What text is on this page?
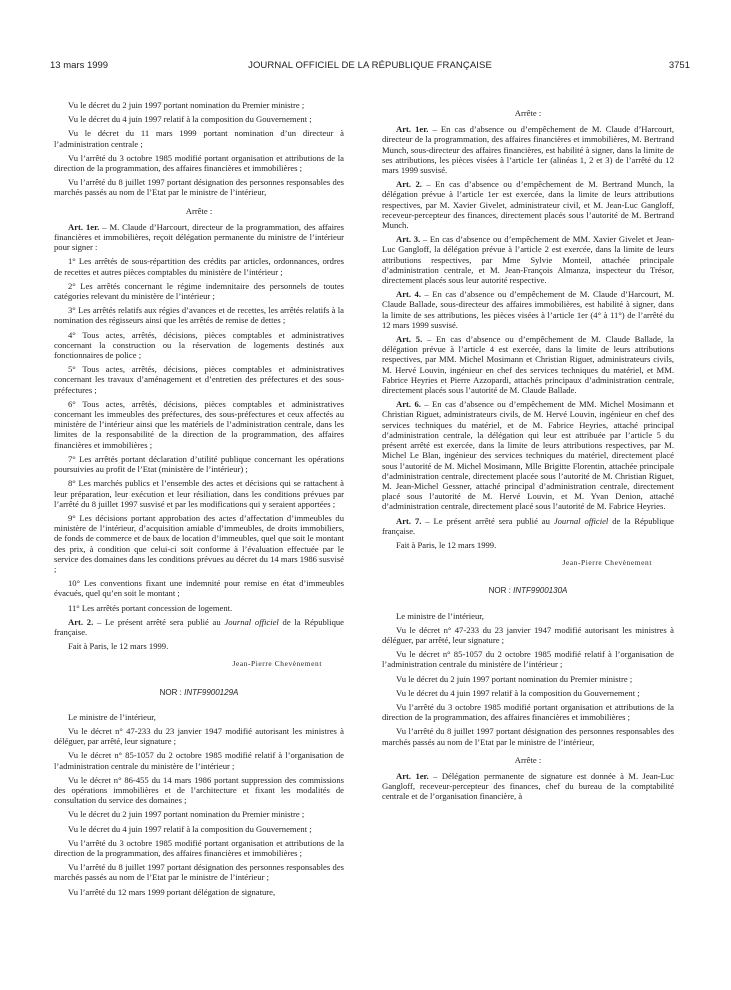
13 mars 1999	JOURNAL OFFICIEL DE LA RÉPUBLIQUE FRANÇAISE	3751

Vu le décret du 2 juin 1997 portant nomination du Premier ministre ;

Vu le décret du 4 juin 1997 relatif à la composition du Gouvernement ;

Vu le décret du 11 mars 1999 portant nomination d’un directeur à l’administration centrale ;

Vu l’arrêté du 3 octobre 1985 modifié portant organisation et attributions de la direction de la programmation, des affaires financières et immobilières ;

Vu l’arrêté du 8 juillet 1997 portant désignation des personnes responsables des marchés passés au nom de l’Etat par le ministre de l’intérieur,

Arrête :

Art. 1er. – M. Claude d’Harcourt, directeur de la programmation, des affaires financières et immobilières, reçoit délégation permanente du ministre de l’intérieur pour signer :

1° Les arrêtés de sous-répartition des crédits par articles, ordonnances, ordres de recettes et autres pièces comptables du ministère de l’intérieur ;

2° Les arrêtés concernant le régime indemnitaire des personnels de toutes catégories relevant du ministère de l’intérieur ;

3° Les arrêtés relatifs aux régies d’avances et de recettes, les arrêtés relatifs à la nomination des régisseurs ainsi que les arrêtés de remise de dettes ;

4° Tous actes, arrêtés, décisions, pièces comptables et administratives concernant la construction ou la réservation de logements destinés aux fonctionnaires de police ;

5° Tous actes, arrêtés, décisions, pièces comptables et administratives concernant les travaux d’aménagement et d’entretien des préfectures et des sous-préfectures ;

6° Tous actes, arrêtés, décisions, pièces comptables et administratives concernant les immeubles des préfectures, des sous-préfectures et ceux affectés au ministère de l’intérieur ainsi que les matériels de l’administration centrale, dans les limites de la responsabilité de la direction de la programmation, des affaires financières et immobilières ;

7° Les arrêtés portant déclaration d’utilité publique concernant les opérations poursuivies au profit de l’Etat (ministère de l’intérieur) ;

8° Les marchés publics et l’ensemble des actes et décisions qui se rattachent à leur préparation, leur exécution et leur résiliation, dans les conditions prévues par l’arrêté du 8 juillet 1997 susvisé et par les modifications qui y seraient apportées ;

9° Les décisions portant approbation des actes d’affectation d’immeubles du ministère de l’intérieur, d’acquisition amiable d’immeubles, de droits immobiliers, de fonds de commerce et de baux de location d’immeubles, quel que soit le montant des prix, à condition que celui-ci soit conforme à l’évaluation effectuée par le service des domaines dans les conditions prévues au décret du 14 mars 1986 susvisé ;

10° Les conventions fixant une indemnité pour remise en état d’immeubles évacués, quel qu’en soit le montant ;

11° Les arrêtés portant concession de logement.

Art. 2. – Le présent arrêté sera publié au Journal officiel de la République française.

Fait à Paris, le 12 mars 1999.

Jean-Pierre Chevènement

NOR : INTF9900129A

Le ministre de l’intérieur,

Vu le décret n° 47-233 du 23 janvier 1947 modifié autorisant les ministres à déléguer, par arrêté, leur signature ;

Vu le décret n° 85-1057 du 2 octobre 1985 modifié relatif à l’organisation de l’administration centrale du ministère de l’intérieur ;

Vu le décret n° 86-455 du 14 mars 1986 portant suppression des commissions des opérations immobilières et de l’architecture et fixant les modalités de consultation du service des domaines ;

Vu le décret du 2 juin 1997 portant nomination du Premier ministre ;

Vu le décret du 4 juin 1997 relatif à la composition du Gouvernement ;

Vu l’arrêté du 3 octobre 1985 modifié portant organisation et attributions de la direction de la programmation, des affaires financières et immobilières ;

Vu l’arrêté du 8 juillet 1997 portant désignation des personnes responsables des marchés passés au nom de l’Etat par le ministre de l’intérieur ;

Vu l’arrêté du 12 mars 1999 portant délégation de signature,

Arrête :

Art. 1er. – En cas d’absence ou d’empêchement de M. Claude d’Harcourt, directeur de la programmation, des affaires financières et immobilières, M. Bertrand Munch, sous-directeur des affaires financières, est habilité à signer, dans la limite de ses attributions, les pièces visées à l’article 1er (alinéas 1, 2 et 3) de l’arrêté du 12 mars 1999 susvisé.

Art. 2. – En cas d’absence ou d’empêchement de M. Bertrand Munch, la délégation prévue à l’article 1er est exercée, dans la limite de leurs attributions respectives, par M. Xavier Givelet, administrateur civil, et M. Jean-Luc Gangloff, receveur-percepteur des finances, directement placés sous l’autorité de M. Bertrand Munch.

Art. 3. – En cas d’absence ou d’empêchement de MM. Xavier Givelet et Jean-Luc Gangloff, la délégation prévue à l’article 2 est exercée, dans la limite de leurs attributions respectives, par Mme Sylvie Monteil, attachée principale d’administration centrale, et M. Jean-François Almanza, inspecteur du Trésor, directement placés sous leur autorité respective.

Art. 4. – En cas d’absence ou d’empêchement de M. Claude d’Harcourt, M. Claude Ballade, sous-directeur des affaires immobilières, est habilité à signer, dans la limite de ses attributions, les pièces visées à l’article 1er (4° à 11°) de l’arrêté du 12 mars 1999 susvisé.

Art. 5. – En cas d’absence ou d’empêchement de M. Claude Ballade, la délégation prévue à l’article 4 est exercée, dans la limite de leurs attributions respectives, par MM. Michel Mosimann et Christian Riguet, administrateurs civils, M. Hervé Louvin, ingénieur en chef des services techniques du matériel, et MM. Fabrice Heyries et Pierre Azzopardi, attachés principaux d’administration centrale, directement placés sous l’autorité de M. Claude Ballade.

Art. 6. – En cas d’absence ou d’empêchement de MM. Michel Mosimann et Christian Riguet, administrateurs civils, de M. Hervé Louvin, ingénieur en chef des services techniques du matériel, et de M. Fabrice Heyries, attaché principal d’administration centrale, la délégation qui leur est attribuée par l’article 5 du présent arrêté est exercée, dans la limite de leurs attributions respectives, par M. Michel Le Blan, ingénieur des services techniques du matériel, directement placé sous l’autorité de M. Michel Mosimann, Mlle Brigitte Florentin, attachée principale d’administration centrale, directement placée sous l’autorité de M. Christian Riguet, M. Jean-Michel Gessner, attaché principal d’administration centrale, directement placé sous l’autorité de M. Hervé Louvin, et M. Yvan Denion, attaché d’administration centrale, directement placé sous l’autorité de M. Fabrice Heyries.

Art. 7. – Le présent arrêté sera publié au Journal officiel de la République française.

Fait à Paris, le 12 mars 1999.

Jean-Pierre Chevènement

NOR : INTF9900130A

Le ministre de l’intérieur,

Vu le décret n° 47-233 du 23 janvier 1947 modifié autorisant les ministres à déléguer, par arrêté, leur signature ;

Vu le décret n° 85-1057 du 2 octobre 1985 modifié relatif à l’organisation de l’administration centrale du ministère de l’intérieur ;

Vu le décret du 2 juin 1997 portant nomination du Premier ministre ;

Vu le décret du 4 juin 1997 relatif à la composition du Gouvernement ;

Vu l’arrêté du 3 octobre 1985 modifié portant organisation et attributions de la direction de la programmation, des affaires financières et immobilières ;

Vu l’arrêté du 8 juillet 1997 portant désignation des personnes responsables des marchés passés au nom de l’Etat par le ministre de l’intérieur,

Arrête :

Art. 1er. – Délégation permanente de signature est donnée à M. Jean-Luc Gangloff, receveur-percepteur des finances, chef du bureau de la comptabilité centrale et de l’organisation financière, à
